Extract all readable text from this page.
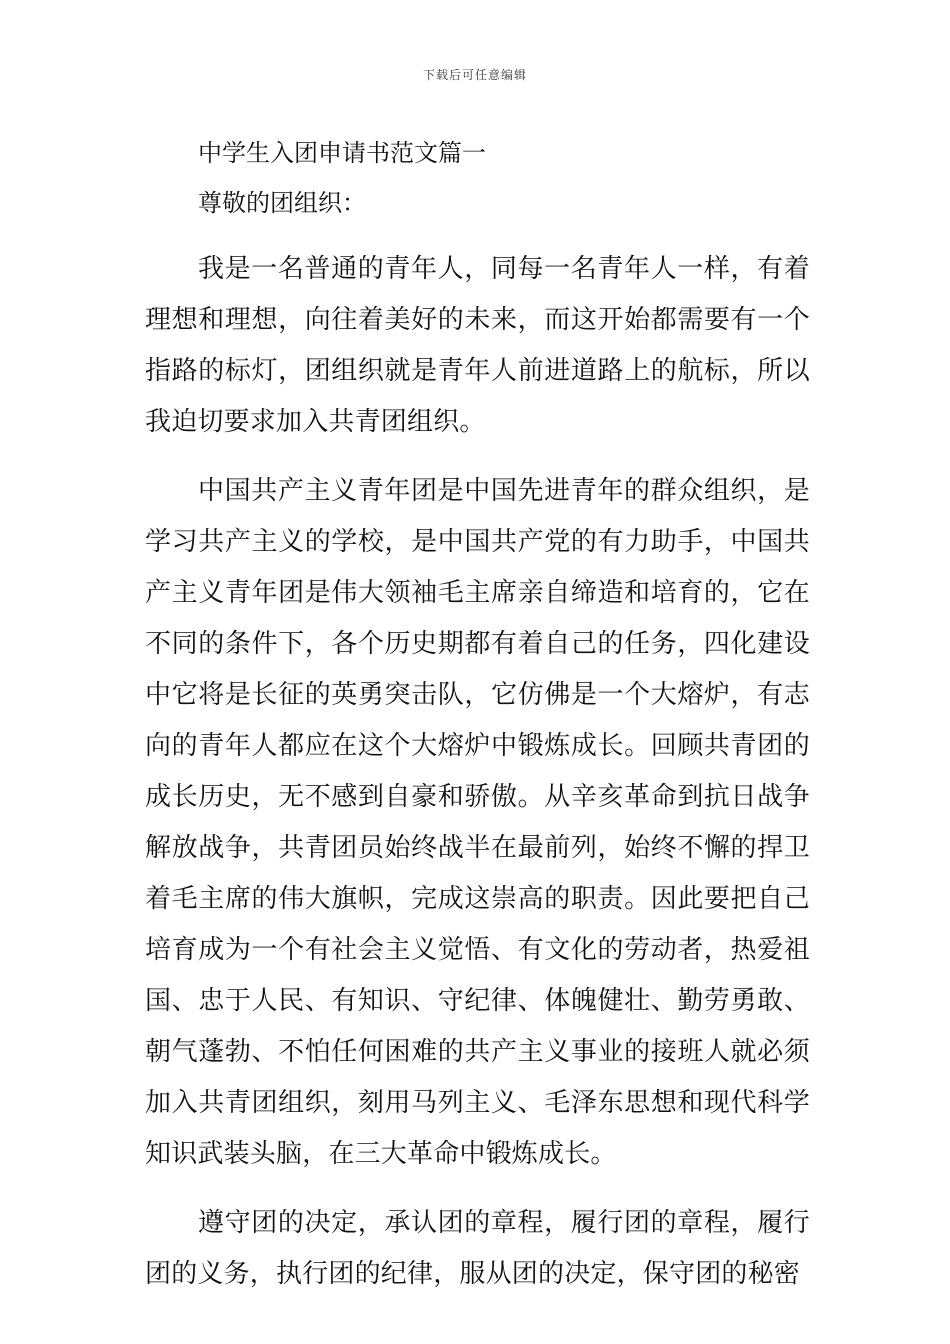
下载后可任意编辑
中学生入团申请书范文篇一

尊敬的团组织：

我是一名普通的青年人，同每一名青年人一样，有着理想和理想，向往着美好的未来，而这开始都需要有一个指路的标灯，团组织就是青年人前进道路上的航标，所以我迫切要求加入共青团组织。

中国共产主义青年团是中国先进青年的群众组织，是学习共产主义的学校，是中国共产党的有力助手，中国共产主义青年团是伟大领袖毛主席亲自缔造和培育的，它在不同的条件下，各个历史期都有着自己的任务，四化建设中它将是长征的英勇突击队，它仿佛是一个大熔炉，有志向的青年人都应在这个大熔炉中锻炼成长。回顾共青团的成长历史，无不感到自豪和骄傲。从辛亥革命到抗日战争解放战争，共青团员始终战半在最前列，始终不懈的捍卫着毛主席的伟大旗帜，完成这崇高的职责。因此要把自己培育成为一个有社会主义觉悟、有文化的劳动者，热爱祖国、忠于人民、有知识、守纪律、体魄健壮、勤劳勇敢、朝气蓬勃、不怕任何困难的共产主义事业的接班人就必须加入共青团组织，刻用马列主义、毛泽东思想和现代科学知识武装头脑，在三大革命中锻炼成长。

遵守团的决定，承认团的章程，履行团的章程，履行团的义务，执行团的纪律，服从团的决定，保守团的秘密
